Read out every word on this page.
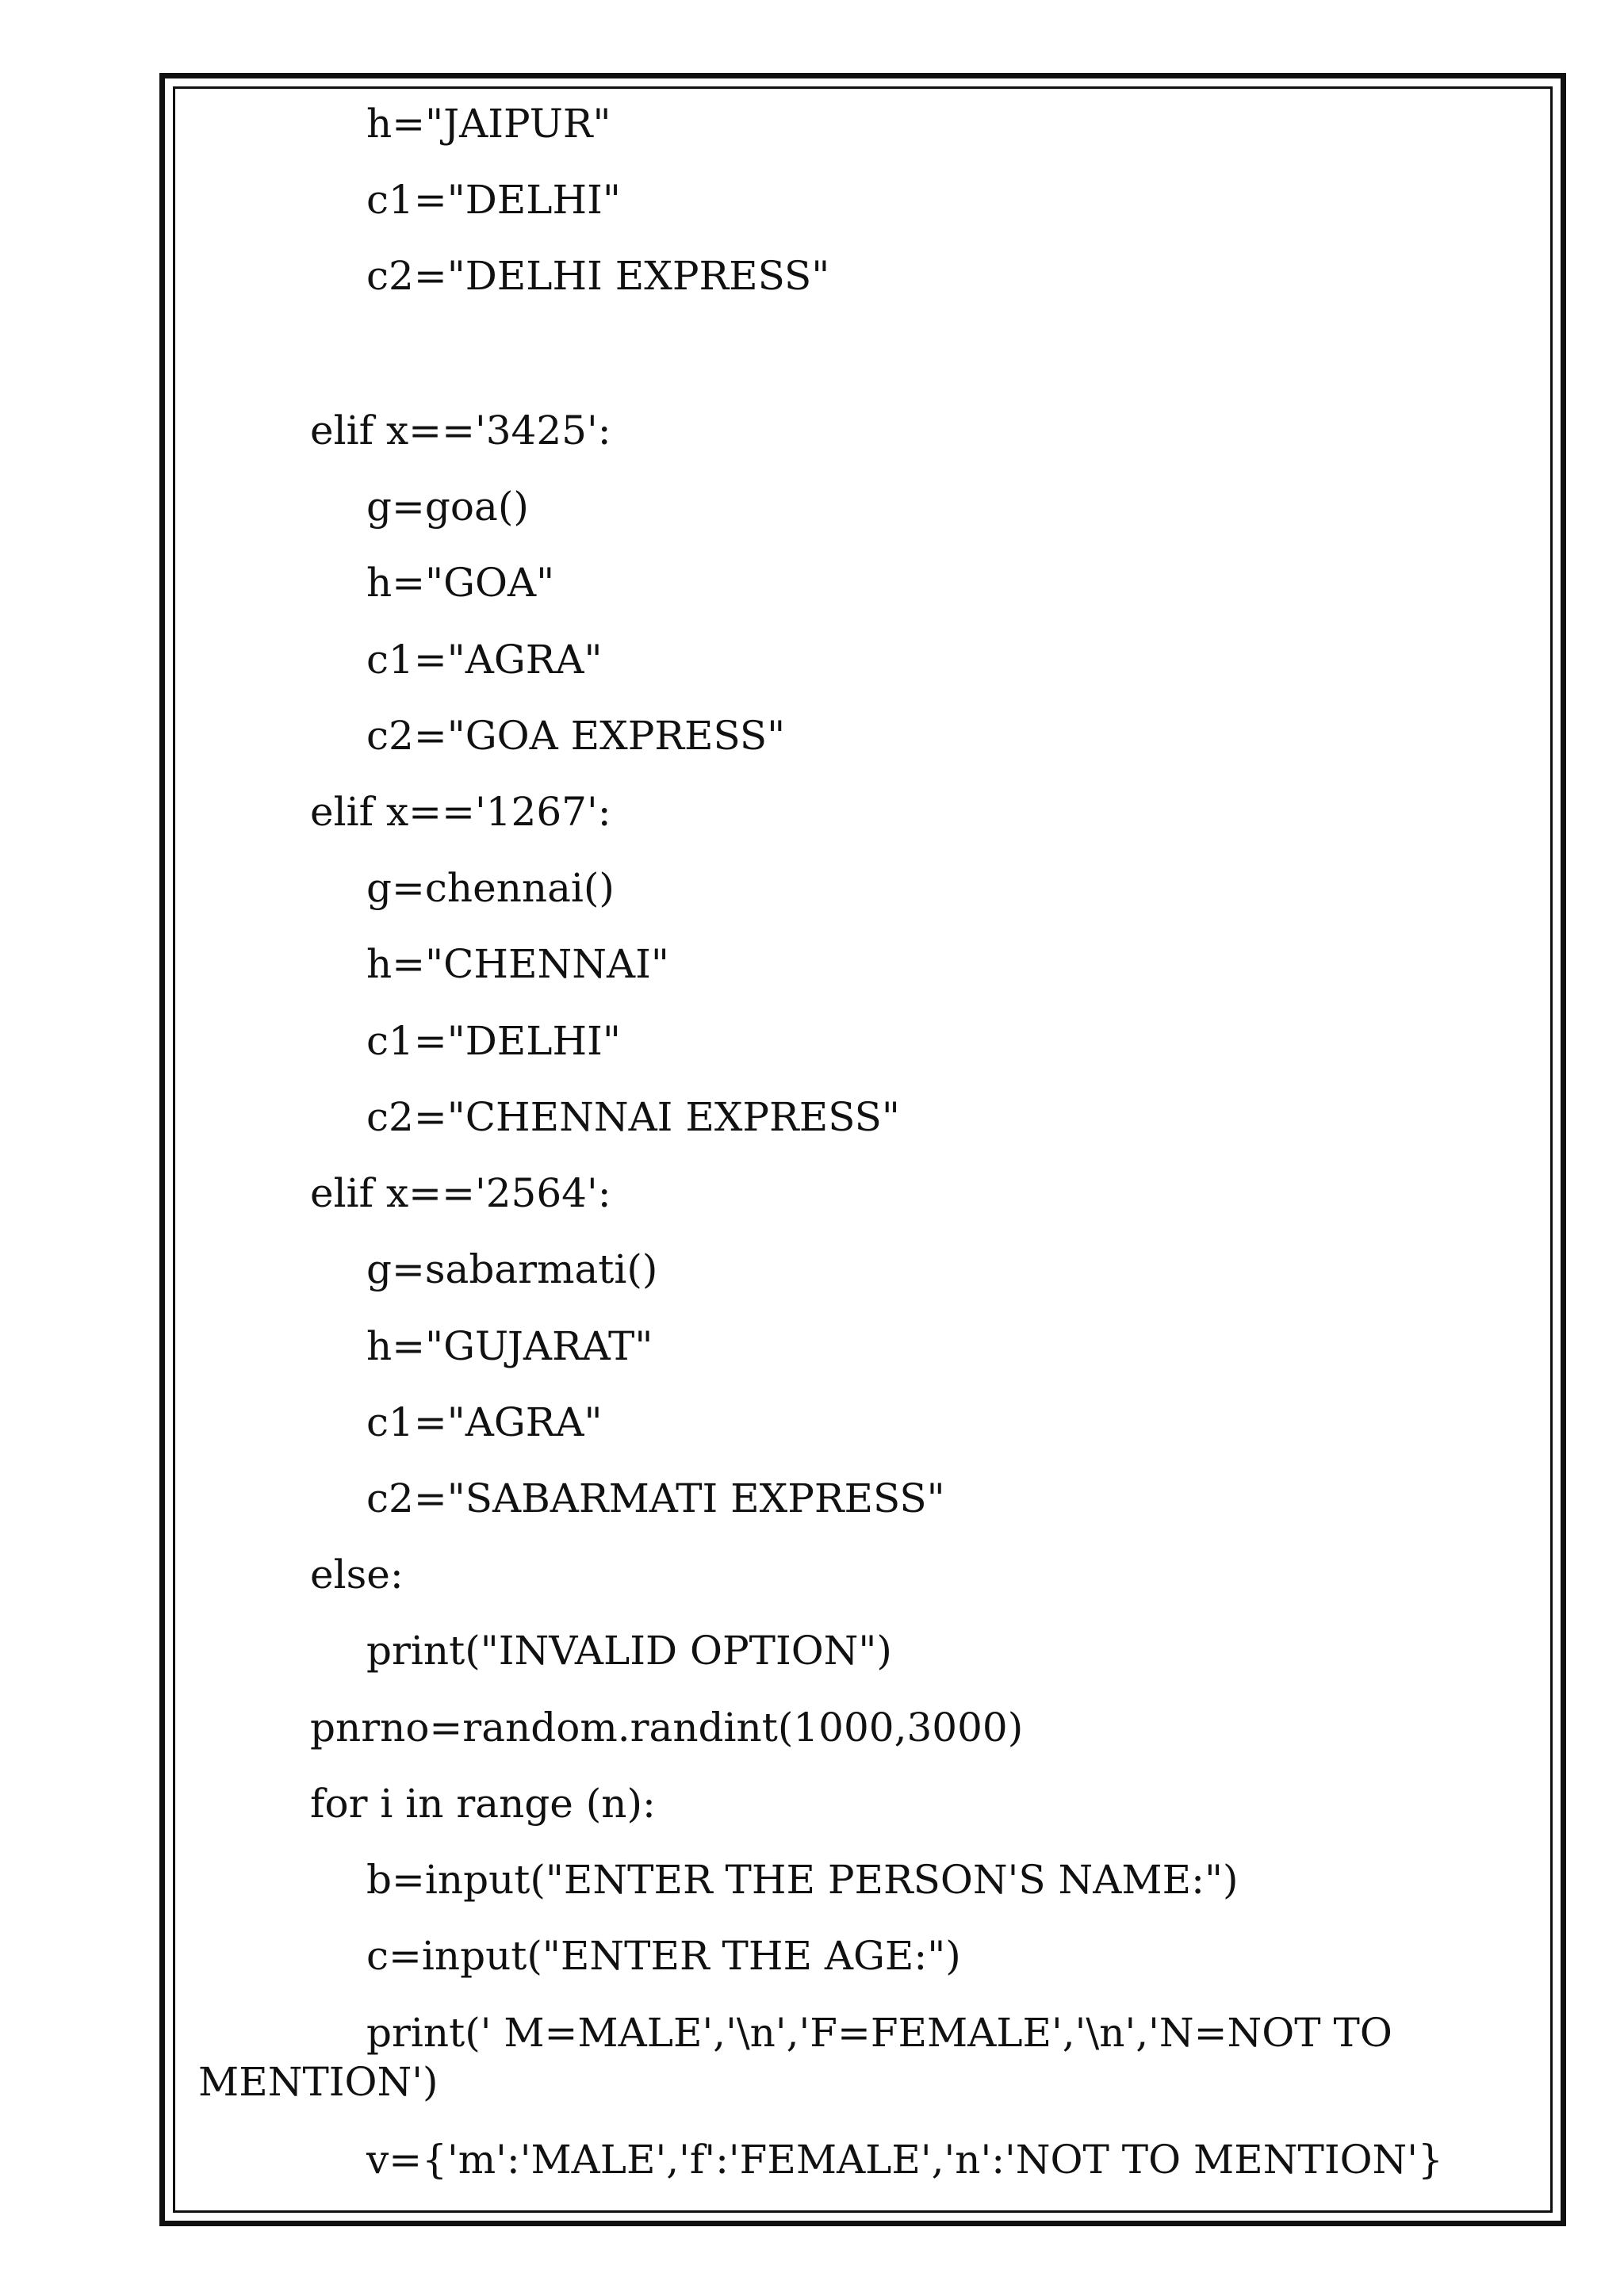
h="JAIPUR"
c1="DELHI"
c2="DELHI EXPRESS"
elif x=='3425':
g=goa()
h="GOA"
c1="AGRA"
c2="GOA EXPRESS"
elif x=='1267':
g=chennai()
h="CHENNAI"
c1="DELHI"
c2="CHENNAI EXPRESS"
elif x=='2564':
g=sabarmati()
h="GUJARAT"
c1="AGRA"
c2="SABARMATI EXPRESS"
else:
print("INVALID OPTION")
pnrno=random.randint(1000,3000)
for i in range (n):
b=input("ENTER THE PERSON'S NAME:")
c=input("ENTER THE AGE:")
print(' M=MALE','\n','F=FEMALE','\n','N=NOT TO
MENTION')
v={'m':'MALE','f':'FEMALE','n':'NOT TO MENTION'}
